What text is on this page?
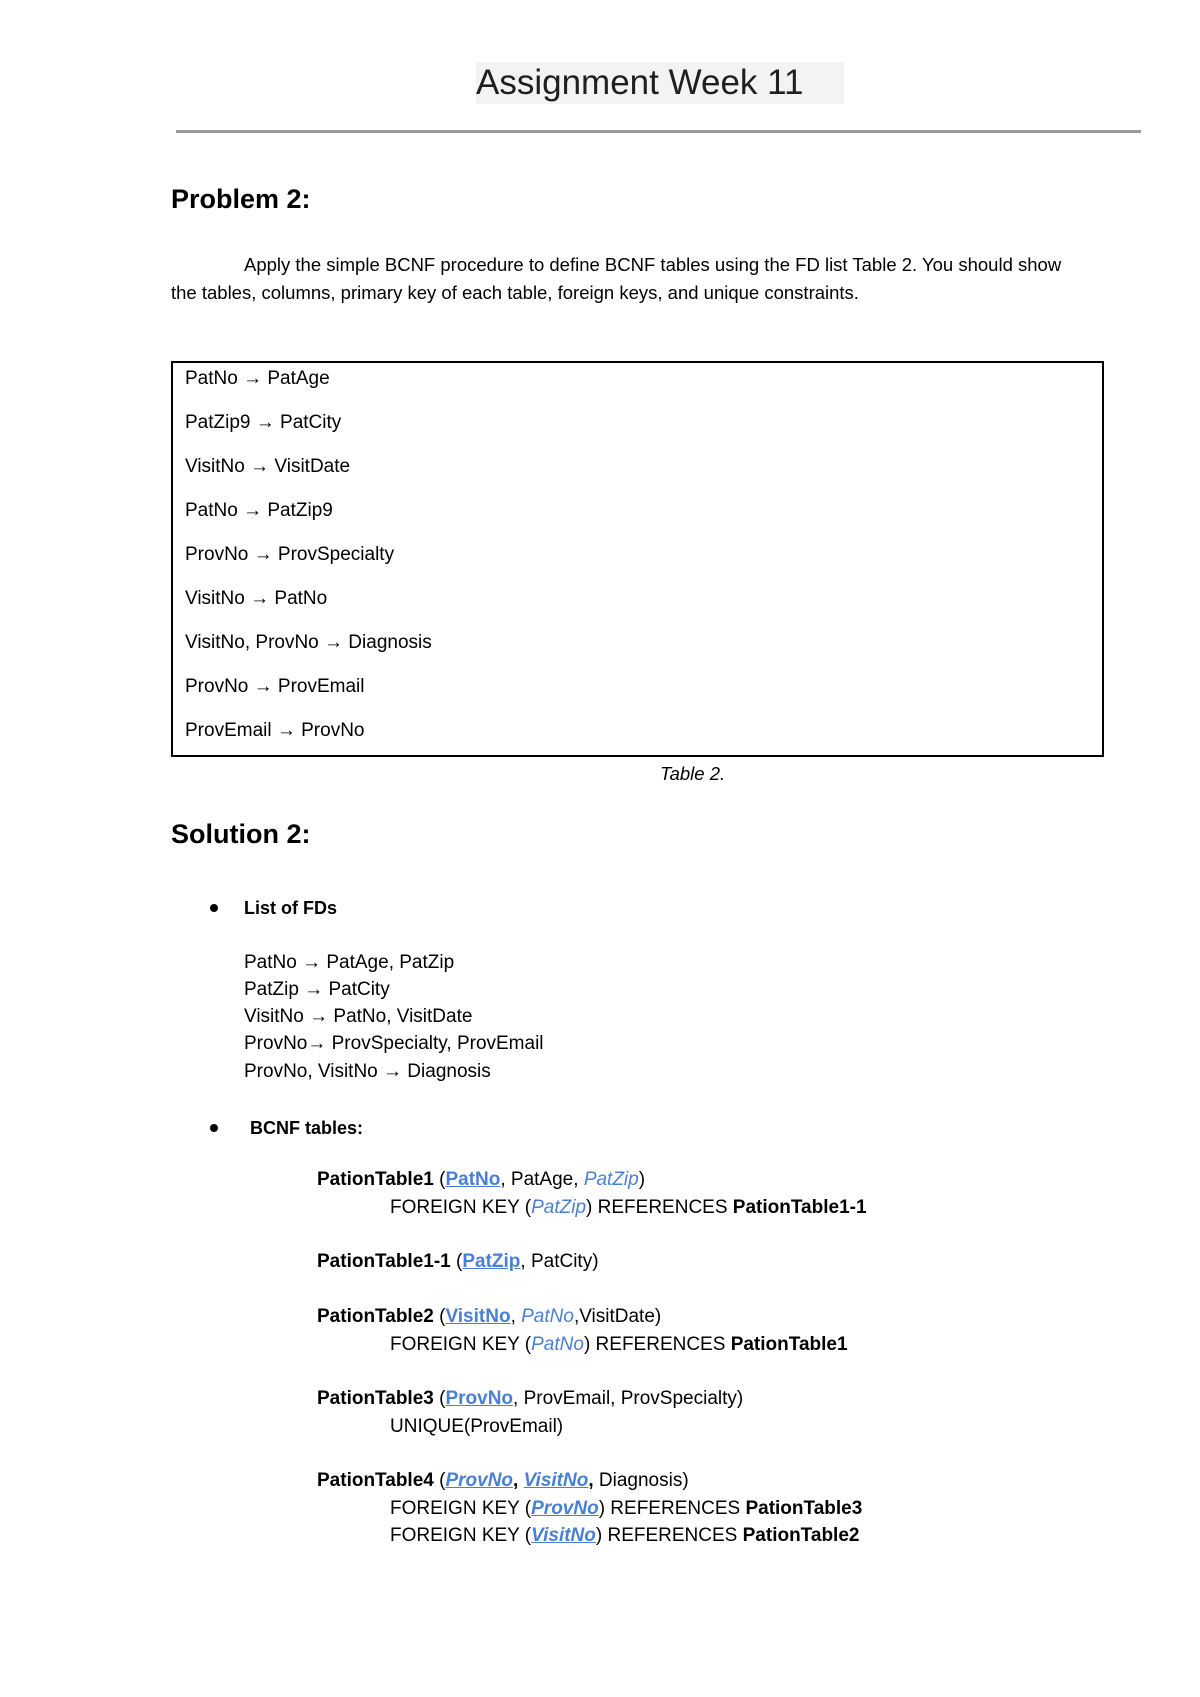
Assignment Week 11
Problem 2:
Apply the simple BCNF procedure to define BCNF tables using the FD list Table 2. You should show
the tables, columns, primary key of each table, foreign keys, and unique constraints.
PatNo → PatAge
PatZip9 → PatCity
VisitNo → VisitDate
PatNo → PatZip9
ProvNo → ProvSpecialty
VisitNo → PatNo
VisitNo, ProvNo → Diagnosis
ProvNo → ProvEmail
ProvEmail → ProvNo
Table 2.
Solution 2:
List of FDs
PatNo → PatAge, PatZip
PatZip → PatCity
VisitNo → PatNo, VisitDate
ProvNo→ ProvSpecialty, ProvEmail
ProvNo, VisitNo → Diagnosis
BCNF tables:
PationTable1 (PatNo, PatAge, PatZip)
FOREIGN KEY (PatZip) REFERENCES PationTable1-1
PationTable1-1 (PatZip, PatCity)
PationTable2 (VisitNo, PatNo,VisitDate)
FOREIGN KEY (PatNo) REFERENCES PationTable1
PationTable3 (ProvNo, ProvEmail, ProvSpecialty)
UNIQUE(ProvEmail)
PationTable4 (ProvNo, VisitNo, Diagnosis)
FOREIGN KEY (ProvNo) REFERENCES PationTable3
FOREIGN KEY (VisitNo) REFERENCES PationTable2
